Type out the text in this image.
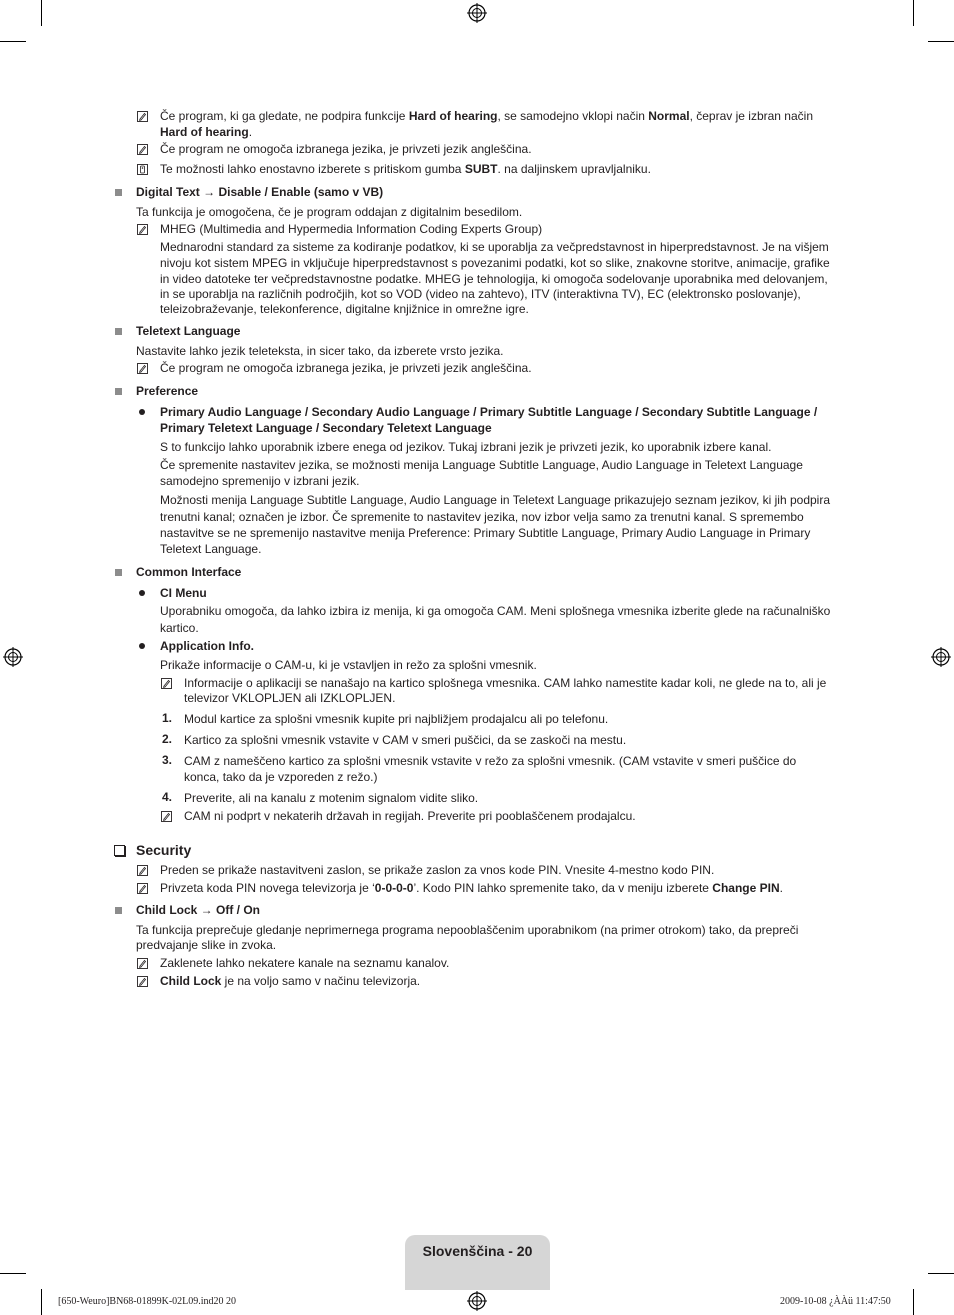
Če program, ki ga gledate, ne podpira funkcije Hard of hearing, se samodejno vklopi način Normal, čeprav je izbran način
Hard of hearing.
Če program ne omogoča izbranega jezika, je privzeti jezik angleščina.
Te možnosti lahko enostavno izberete s pritiskom gumba SUBT. na daljinskem upravljalniku.
Digital Text → Disable / Enable (samo v VB)
Ta funkcija je omogočena, če je program oddajan z digitalnim besedilom.
MHEG (Multimedia and Hypermedia Information Coding Experts Group)
Mednarodni standard za sisteme za kodiranje podatkov, ki se uporablja za večpredstavnost in hiperpredstavnost. Je na višjem
nivoju kot sistem MPEG in vključuje hiperpredstavnost s povezanimi podatki, kot so slike, znakovne storitve, animacije, grafike
in video datoteke ter večpredstavnostne podatke. MHEG je tehnologija, ki omogoča sodelovanje uporabnika med delovanjem,
in se uporablja na različnih področjih, kot so VOD (video na zahtevo), ITV (interaktivna TV), EC (elektronsko poslovanje),
teleizobraževanje, telekonference, digitalne knjižnice in omrežne igre.
Teletext Language
Nastavite lahko jezik teleteksta, in sicer tako, da izberete vrsto jezika.
Če program ne omogoča izbranega jezika, je privzeti jezik angleščina.
Preference
Primary Audio Language / Secondary Audio Language / Primary Subtitle Language / Secondary Subtitle Language /
Primary Teletext Language / Secondary Teletext Language
S to funkcijo lahko uporabnik izbere enega od jezikov. Tukaj izbrani jezik je privzeti jezik, ko uporabnik izbere kanal.
Če spremenite nastavitev jezika, se možnosti menija Language Subtitle Language, Audio Language in Teletext Language
samodejno spremenijo v izbrani jezik.
Možnosti menija Language Subtitle Language, Audio Language in Teletext Language prikazujejo seznam jezikov, ki jih podpira
trenutni kanal; označen je izbor. Če spremenite to nastavitev jezika, nov izbor velja samo za trenutni kanal. S spremembo
nastavitve se ne spremenijo nastavitve menija Preference: Primary Subtitle Language, Primary Audio Language in Primary
Teletext Language.
Common Interface
CI Menu
Uporabniku omogoča, da lahko izbira iz menija, ki ga omogoča CAM. Meni splošnega vmesnika izberite glede na računalniško
kartico.
Application Info.
Prikaže informacije o CAM-u, ki je vstavljen in režo za splošni vmesnik.
Informacije o aplikaciji se nanašajo na kartico splošnega vmesnika. CAM lahko namestite kadar koli, ne glede na to, ali je
televizor VKLOPLJEN ali IZKLOPLJEN.
1. Modul kartice za splošni vmesnik kupite pri najbližjem prodajalcu ali po telefonu.
2. Kartico za splošni vmesnik vstavite v CAM v smeri puščici, da se zaskoči na mestu.
3. CAM z nameščeno kartico za splošni vmesnik vstavite v režo za splošni vmesnik. (CAM vstavite v smeri puščice do
konca, tako da je vzporeden z režo.)
4. Preverite, ali na kanalu z motenim signalom vidite sliko.
CAM ni podprt v nekaterih državah in regijah. Preverite pri pooblaščenem prodajalcu.
Security
Preden se prikaže nastavitveni zaslon, se prikaže zaslon za vnos kode PIN. Vnesite 4-mestno kodo PIN.
Privzeta koda PIN novega televizorja je ‘0-0-0-0’. Kodo PIN lahko spremenite tako, da v meniju izberete Change PIN.
Child Lock → Off / On
Ta funkcija preprečuje gledanje neprimernega programa nepooblaščenim uporabnikom (na primer otrokom) tako, da prepreči
predvajanje slike in zvoka.
Zaklenete lahko nekatere kanale na seznamu kanalov.
Child Lock je na voljo samo v načinu televizorja.
Slovenščina - 20
[650-Weuro]BN68-01899K-02L09.ind20 20	2009-10-08 ¿ÀÀü 11:47:50
